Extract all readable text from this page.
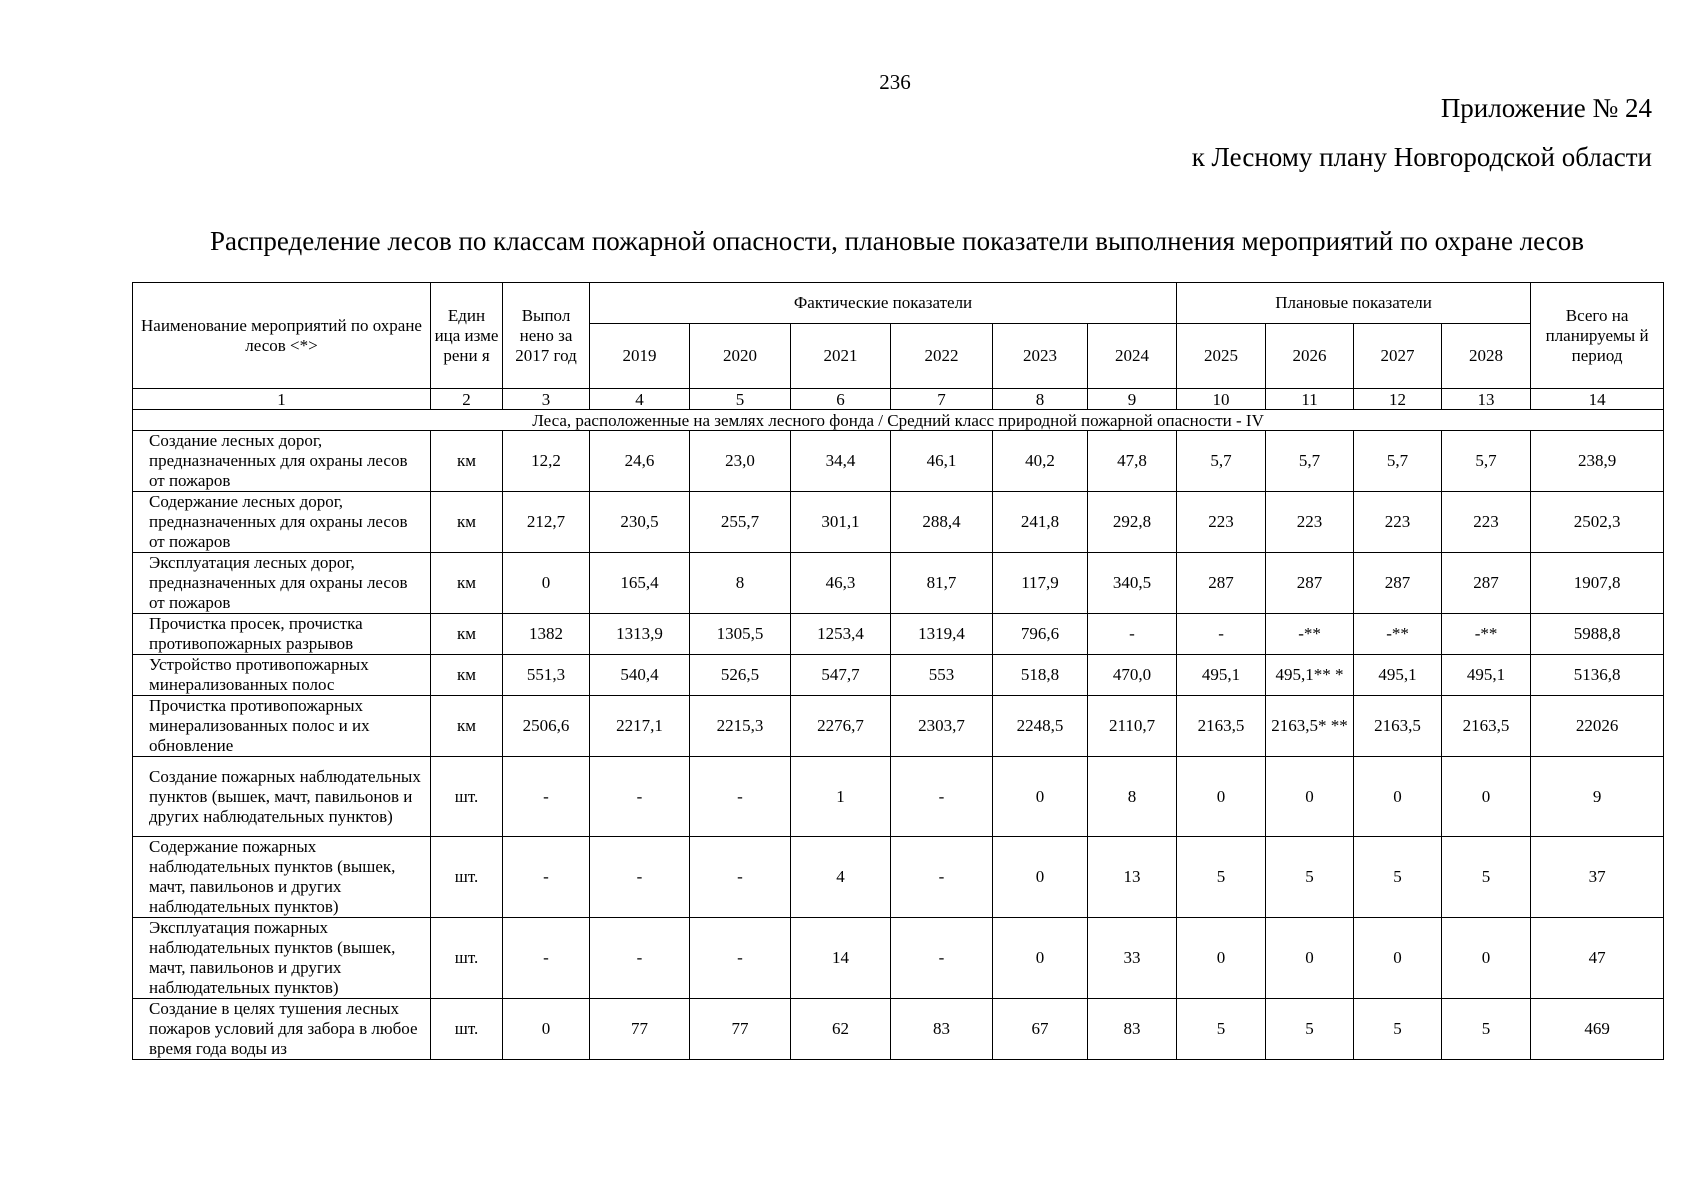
236
Приложение № 24
к Лесному плану Новгородской области
Распределение лесов по классам пожарной опасности, плановые показатели выполнения мероприятий по охране лесов
Наименование мероприятий по охране лесов <*>	Един ица изме рени я	Выпол нено за 2017 год	Фактические показатели						Плановые показатели				Всего на планируемы й период
			2019	2020	2021	2022	2023	2024	2025	2026	2027	2028	
1	2	3	4	5	6	7	8	9	10	11	12	13	14
Леса, расположенные на землях лесного фонда / Средний класс природной пожарной опасности - IV													
Создание лесных дорог, предназначенных для охраны лесов от пожаров	км	12,2	24,6	23,0	34,4	46,1	40,2	47,8	5,7	5,7	5,7	5,7	238,9
Содержание лесных дорог, предназначенных для охраны лесов от пожаров	км	212,7	230,5	255,7	301,1	288,4	241,8	292,8	223	223	223	223	2502,3
Эксплуатация лесных дорог, предназначенных для охраны лесов от пожаров	км	0	165,4	8	46,3	81,7	117,9	340,5	287	287	287	287	1907,8
Прочистка просек, прочистка противопожарных разрывов	км	1382	1313,9	1305,5	1253,4	1319,4	796,6	-	-	-**	-**	-**	5988,8
Устройство противопожарных минерализованных полос	км	551,3	540,4	526,5	547,7	553	518,8	470,0	495,1	495,1** *	495,1	495,1	5136,8
Прочистка противопожарных минерализованных полос и их обновление	км	2506,6	2217,1	2215,3	2276,7	2303,7	2248,5	2110,7	2163,5	2163,5* **	2163,5	2163,5	22026
Создание пожарных наблюдательных пунктов (вышек, мачт, павильонов и других наблюдательных пунктов)	шт.	-	-	-	1	-	0	8	0	0	0	0	9
Содержание пожарных наблюдательных пунктов (вышек, мачт, павильонов и других наблюдательных пунктов)	шт.	-	-	-	4	-	0	13	5	5	5	5	37
Эксплуатация пожарных наблюдательных пунктов (вышек, мачт, павильонов и других наблюдательных пунктов)	шт.	-	-	-	14	-	0	33	0	0	0	0	47
Создание в целях тушения лесных пожаров условий для забора в любое время года воды из	шт.	0	77	77	62	83	67	83	5	5	5	5	469
